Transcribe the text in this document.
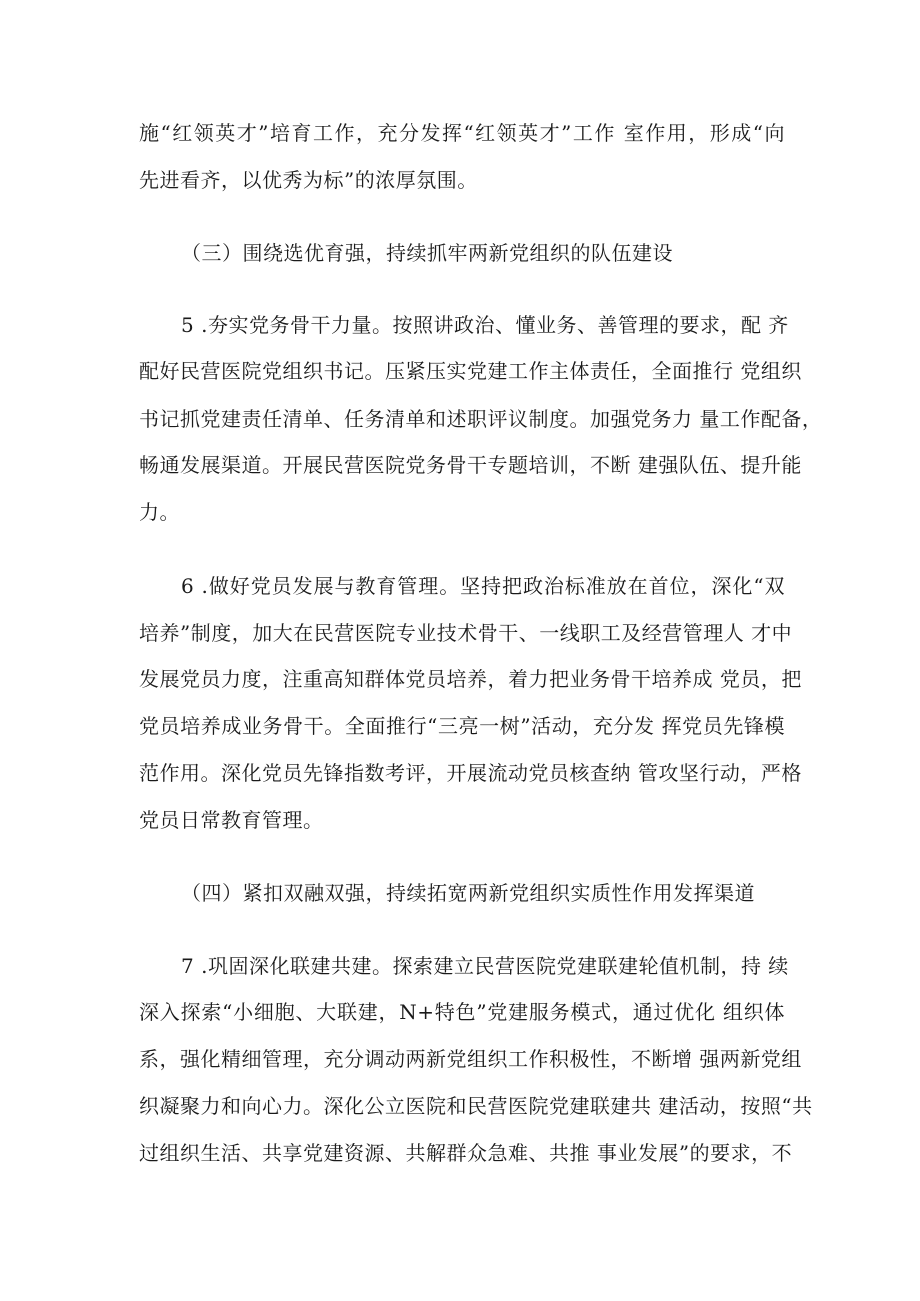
施“红领英才”培育工作，充分发挥“红领英才”工作 室作用，形成“向
先进看齐，以优秀为标”的浓厚氛围。
（三）围绕选优育强，持续抓牢两新党组织的队伍建设
5 .夯实党务骨干力量。按照讲政治、懂业务、善管理的要求，配 齐
配好民营医院党组织书记。压紧压实党建工作主体责任，全面推行 党组织
书记抓党建责任清单、任务清单和述职评议制度。加强党务力 量工作配备，
畅通发展渠道。开展民营医院党务骨干专题培训，不断 建强队伍、提升能
力。
6 .做好党员发展与教育管理。坚持把政治标准放在首位，深化“双
培养”制度，加大在民营医院专业技术骨干、一线职工及经营管理人 才中
发展党员力度，注重高知群体党员培养，着力把业务骨干培养成 党员，把
党员培养成业务骨干。全面推行“三亮一树”活动，充分发 挥党员先锋模
范作用。深化党员先锋指数考评，开展流动党员核查纳 管攻坚行动，严格
党员日常教育管理。
（四）紧扣双融双强，持续拓宽两新党组织实质性作用发挥渠道
7 .巩固深化联建共建。探索建立民营医院党建联建轮值机制，持 续
深入探索“小细胞、大联建，N+特色”党建服务模式，通过优化 组织体
系，强化精细管理，充分调动两新党组织工作积极性，不断增 强两新党组
织凝聚力和向心力。深化公立医院和民营医院党建联建共 建活动，按照“共
过组织生活、共享党建资源、共解群众急难、共推 事业发展”的要求，不
